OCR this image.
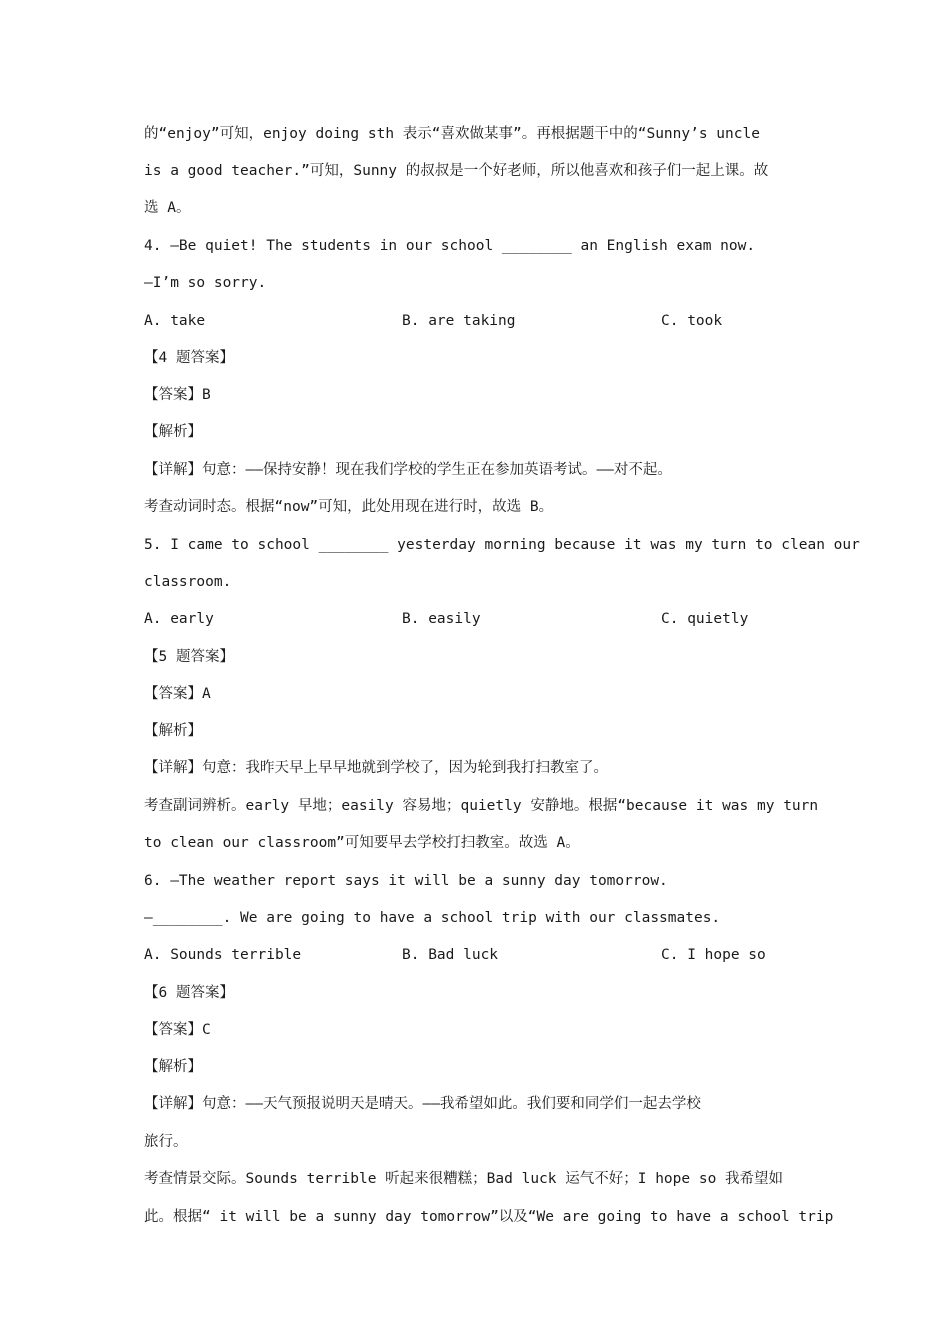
的“enjoy”可知，enjoy doing sth 表示“喜欢做某事”。再根据题干中的“Sunny’s uncle
is a good teacher.”可知，Sunny 的叔叔是一个好老师，所以他喜欢和孩子们一起上课。故
选 A。
4. —Be quiet! The students in our school ________ an English exam now.
—I’m so sorry.
A. take	B. are taking	C. took
【4 题答案】
【答案】B
【解析】
【详解】句意：——保持安静！现在我们学校的学生正在参加英语考试。——对不起。
考查动词时态。根据“now”可知，此处用现在进行时，故选 B。
5. I came to school ________ yesterday morning because it was my turn to clean our
classroom.
A. early	B. easily	C. quietly
【5 题答案】
【答案】A
【解析】
【详解】句意：我昨天早上早早地就到学校了，因为轮到我打扫教室了。
考查副词辨析。early 早地；easily 容易地；quietly 安静地。根据“because it was my turn
to clean our classroom”可知要早去学校打扫教室。故选 A。
6. —The weather report says it will be a sunny day tomorrow.
—________. We are going to have a school trip with our classmates.
A. Sounds terrible	B. Bad luck	C. I hope so
【6 题答案】
【答案】C
【解析】
【详解】句意：——天气预报说明天是晴天。——我希望如此。我们要和同学们一起去学校
旅行。
考查情景交际。Sounds terrible 听起来很糟糕；Bad luck 运气不好；I hope so 我希望如
此。根据“ it will be a sunny day tomorrow”以及“We are going to have a school trip
